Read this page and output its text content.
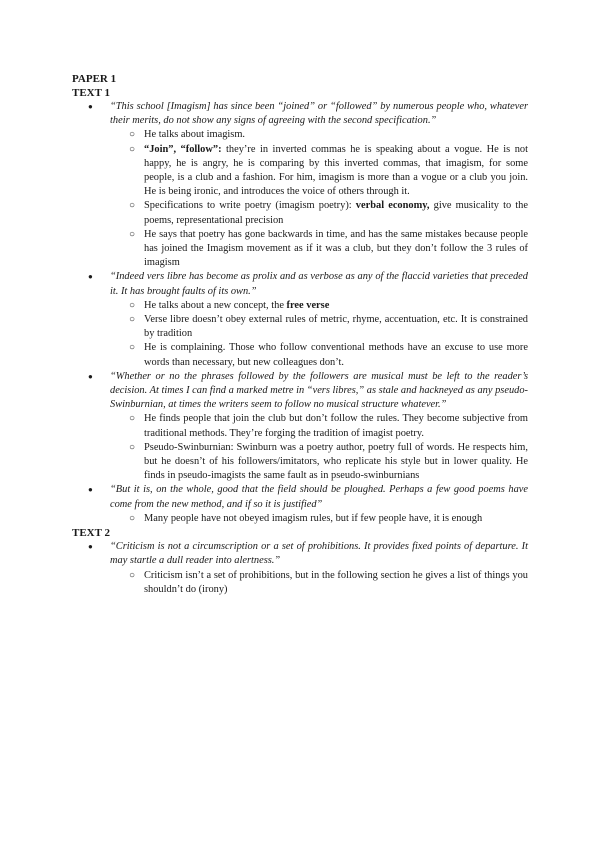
PAPER 1
TEXT 1
● “This school [Imagism] has since been “joined” or “followed” by numerous people who, whatever their merits, do not show any signs of agreeing with the second specification.”
○ He talks about imagism.
○ “Join”, “follow”: they’re in inverted commas he is speaking about a vogue. He is not happy, he is angry, he is comparing by this inverted commas, that imagism, for some people, is a club and a fashion. For him, imagism is more than a vogue or a club you join. He is being ironic, and introduces the voice of others through it.
○ Specifications to write poetry (imagism poetry): verbal economy, give musicality to the poems, representational precision
○ He says that poetry has gone backwards in time, and has the same mistakes because people has joined the Imagism movement as if it was a club, but they don’t follow the 3 rules of imagism
● “Indeed vers libre has become as prolix and as verbose as any of the flaccid varieties that preceded it. It has brought faults of its own.”
○ He talks about a new concept, the free verse
○ Verse libre doesn’t obey external rules of metric, rhyme, accentuation, etc. It is constrained by tradition
○ He is complaining. Those who follow conventional methods have an excuse to use more words than necessary, but new colleagues don’t.
● “Whether or no the phrases followed by the followers are musical must be left to the reader’s decision. At times I can find a marked metre in “vers libres,” as stale and hackneyed as any pseudo-Swinburnian, at times the writers seem to follow no musical structure whatever.”
○ He finds people that join the club but don’t follow the rules. They become subjective from traditional methods. They’re forging the tradition of imagist poetry.
○ Pseudo-Swinburnian: Swinburn was a poetry author, poetry full of words. He respects him, but he doesn’t of his followers/imitators, who replicate his style but in lower quality. He finds in pseudo-imagists the same fault as in pseudo-swinburnians
● “But it is, on the whole, good that the field should be ploughed. Perhaps a few good poems have come from the new method, and if so it is justified”
○ Many people have not obeyed imagism rules, but if few people have, it is enough
TEXT 2
● “Criticism is not a circumscription or a set of prohibitions. It provides fixed points of departure. It may startle a dull reader into alertness.”
○ Criticism isn’t a set of prohibitions, but in the following section he gives a list of things you shouldn’t do (irony)
